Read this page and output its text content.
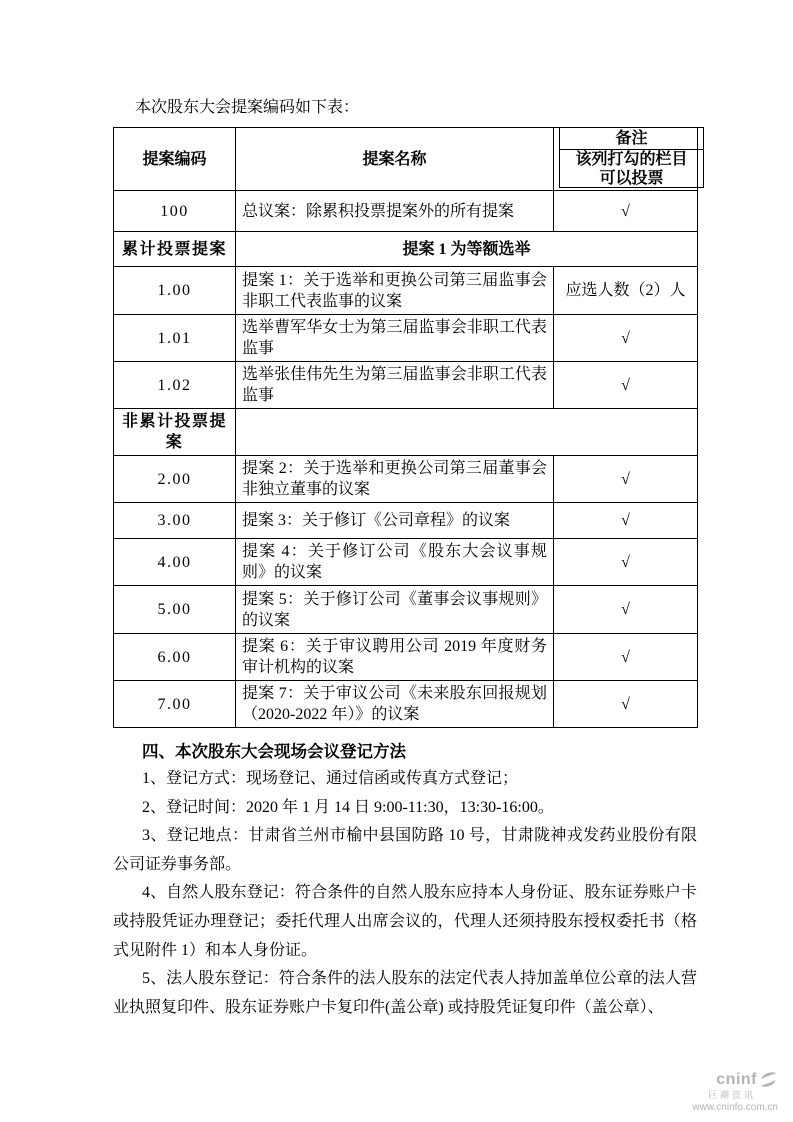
本次股东大会提案编码如下表：

提案编码	提案名称	备注
该列打勾的栏目可以投票

100	总议案：除累积投票提案外的所有提案	√
累计投票提案	提案 1 为等额选举	
1.00	提案 1：关于选举和更换公司第三届监事会非职工代表监事的议案	应选人数（2）人
1.01	选举曹军华女士为第三届监事会非职工代表监事	√
1.02	选举张佳伟先生为第三届监事会非职工代表监事	√
非累计投票提案		
2.00	提案 2：关于选举和更换公司第三届董事会非独立董事的议案	√
3.00	提案 3：关于修订《公司章程》的议案	√
4.00	提案 4：关于修订公司《股东大会议事规则》的议案	√
5.00	提案 5：关于修订公司《董事会议事规则》的议案	√
6.00	提案 6：关于审议聘用公司 2019 年度财务审计机构的议案	√
7.00	提案 7：关于审议公司《未来股东回报规划（2020-2022 年）》的议案	√

四、本次股东大会现场会议登记方法

1、登记方式：现场登记、通过信函或传真方式登记；

2、登记时间：2020 年 1 月 14 日 9:00-11:30，13:30-16:00。

3、登记地点：甘肃省兰州市榆中县国防路 10 号，甘肃陇神戎发药业股份有限公司证券事务部。

4、自然人股东登记：符合条件的自然人股东应持本人身份证、股东证券账户卡或持股凭证办理登记；委托代理人出席会议的，代理人还须持股东授权委托书（格式见附件 1）和本人身份证。

5、法人股东登记：符合条件的法人股东的法定代表人持加盖单位公章的法人营业执照复印件、股东证券账户卡复印件(盖公章) 或持股凭证复印件（盖公章）、

cninf
巨潮资讯
www.cninfo.com.cn
